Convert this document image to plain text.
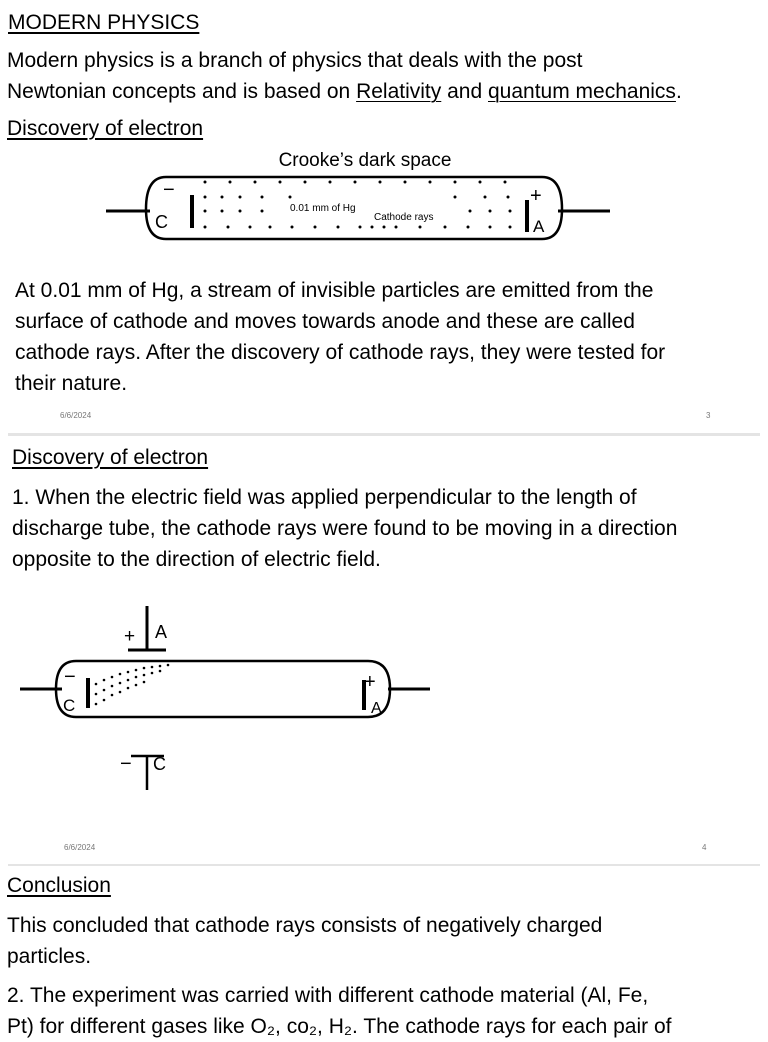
MODERN PHYSICS
Modern physics is a branch of physics that deals with the post
Newtonian concepts and is based on Relativity and quantum mechanics.
Discovery of electron
Crooke’s dark space
−
C
+
A
0.01 mm of Hg
Cathode rays
At 0.01 mm of Hg, a stream of invisible particles are emitted from the
surface of cathode and moves towards anode and these are called
cathode rays. After the discovery of cathode rays, they were tested for
their nature.
6/6/2024	3
Discovery of electron
1. When the electric field was applied perpendicular to the length of
discharge tube, the cathode rays were found to be moving in a direction
opposite to the direction of electric field.
+ A
−
C
+
A
− C
6/6/2024	4
Conclusion
This concluded that cathode rays consists of negatively charged
particles.
2. The experiment was carried with different cathode material (Al, Fe,
Pt) for different gases like O₂, co₂, H₂. The cathode rays for each pair of
